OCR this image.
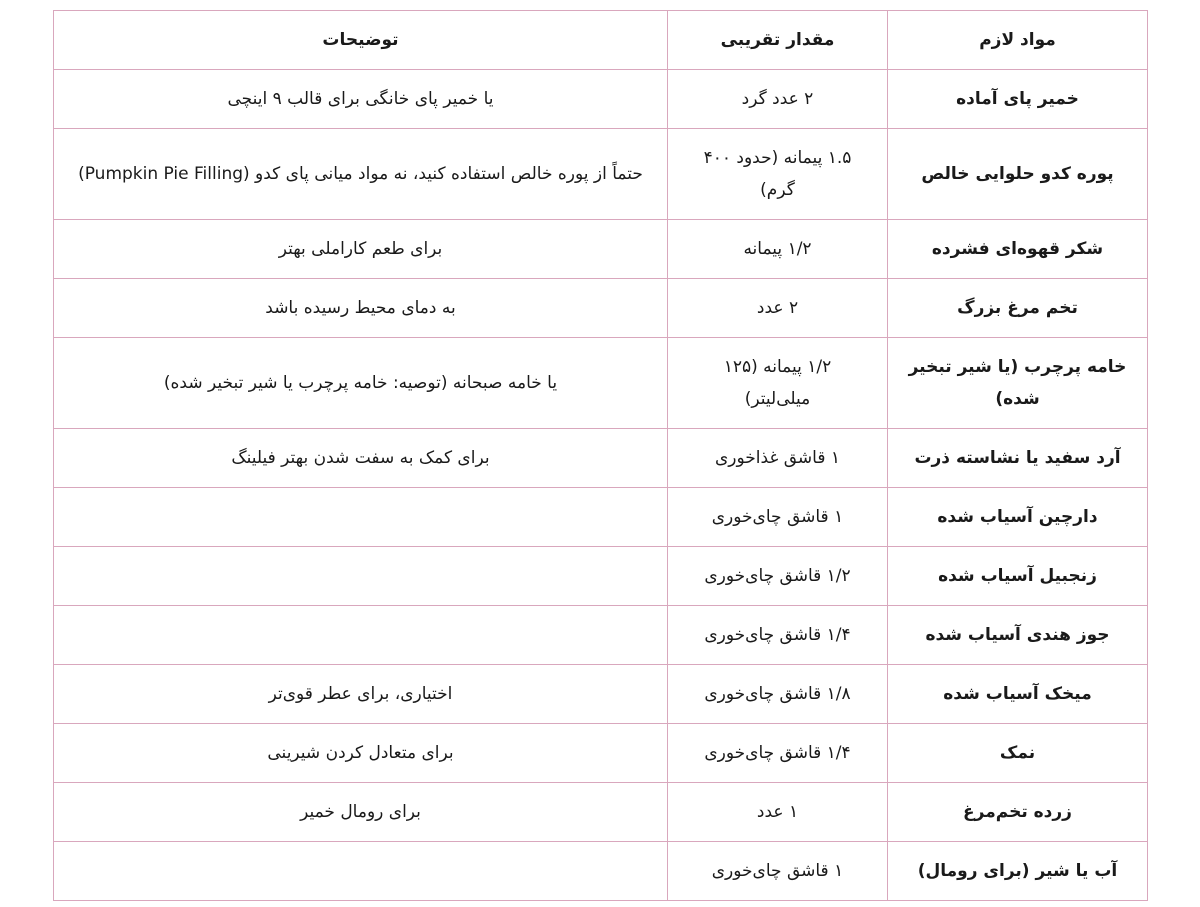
مواد لازم	مقدار تقریبی	توضیحات
خمیر پای آماده	۲ عدد گرد	یا خمیر پای خانگی برای قالب ۹ اینچی
پوره کدو حلوایی خالص	۱.۵ پیمانه (حدود ۴۰۰ گرم)	حتماً از پوره خالص استفاده کنید، نه مواد میانی پای کدو (Pumpkin Pie Filling)
شکر قهوه‌ای فشرده	۱/۲ پیمانه	برای طعم کاراملی بهتر
تخم مرغ بزرگ	۲ عدد	به دمای محیط رسیده باشد
خامه پرچرب (یا شیر تبخیر شده)	۱/۲ پیمانه (۱۲۵ میلی‌لیتر)	یا خامه صبحانه (توصیه: خامه پرچرب یا شیر تبخیر شده)
آرد سفید یا نشاسته ذرت	۱ قاشق غذاخوری	برای کمک به سفت شدن بهتر فیلینگ
دارچین آسیاب شده	۱ قاشق چای‌خوری	
زنجبیل آسیاب شده	۱/۲ قاشق چای‌خوری	
جوز هندی آسیاب شده	۱/۴ قاشق چای‌خوری	
میخک آسیاب شده	۱/۸ قاشق چای‌خوری	اختیاری، برای عطر قوی‌تر
نمک	۱/۴ قاشق چای‌خوری	برای متعادل کردن شیرینی
زرده تخم‌مرغ	۱ عدد	برای رومال خمیر
آب یا شیر (برای رومال)	۱ قاشق چای‌خوری	
